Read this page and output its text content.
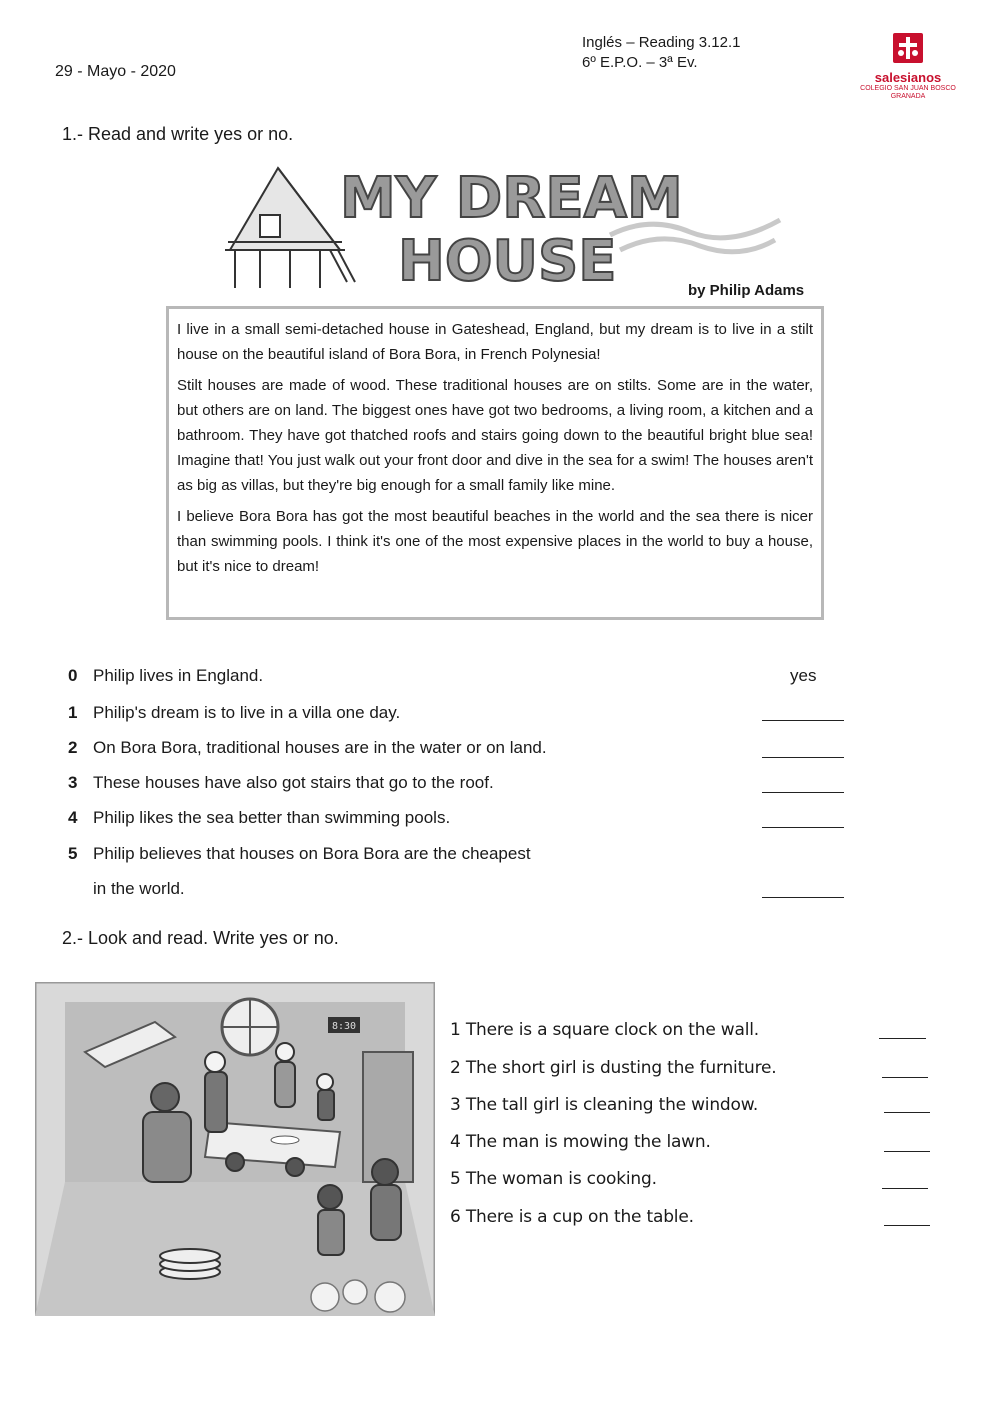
29 - Mayo - 2020
Inglés – Reading 3.12.1
6º E.P.O. – 3ª Ev.
salesianos
COLEGIO SAN JUAN BOSCO
GRANADA
1.- Read and write yes or no.
MY DREAM
HOUSE	by Philip Adams

I live in a small semi-detached house in Gateshead, England, but my dream is to live in a stilt house on the beautiful island of Bora Bora, in French Polynesia!

Stilt houses are made of wood. These traditional houses are on stilts. Some are in the water, but others are on land. The biggest ones have got two bedrooms, a living room, a kitchen and a bathroom. They have got thatched roofs and stairs going down to the beautiful bright blue sea! Imagine that! You just walk out your front door and dive in the sea for a swim! The houses aren't as big as villas, but they're big enough for a small family like mine.

I believe Bora Bora has got the most beautiful beaches in the world and the sea there is nicer than swimming pools. I think it's one of the most expensive places in the world to buy a house, but it's nice to dream!

0 Philip lives in England.	yes
1 Philip's dream is to live in a villa one day.
2 On Bora Bora, traditional houses are in the water or on land.
3 These houses have also got stairs that go to the roof.
4 Philip likes the sea better than swimming pools.
5 Philip believes that houses on Bora Bora are the cheapest
in the world.
2.- Look and read. Write yes or no.
8:30	1 There is a square clock on the wall.
2 The short girl is dusting the furniture.
3 The tall girl is cleaning the window.
4 The man is mowing the lawn.
5 The woman is cooking.
6 There is a cup on the table.
